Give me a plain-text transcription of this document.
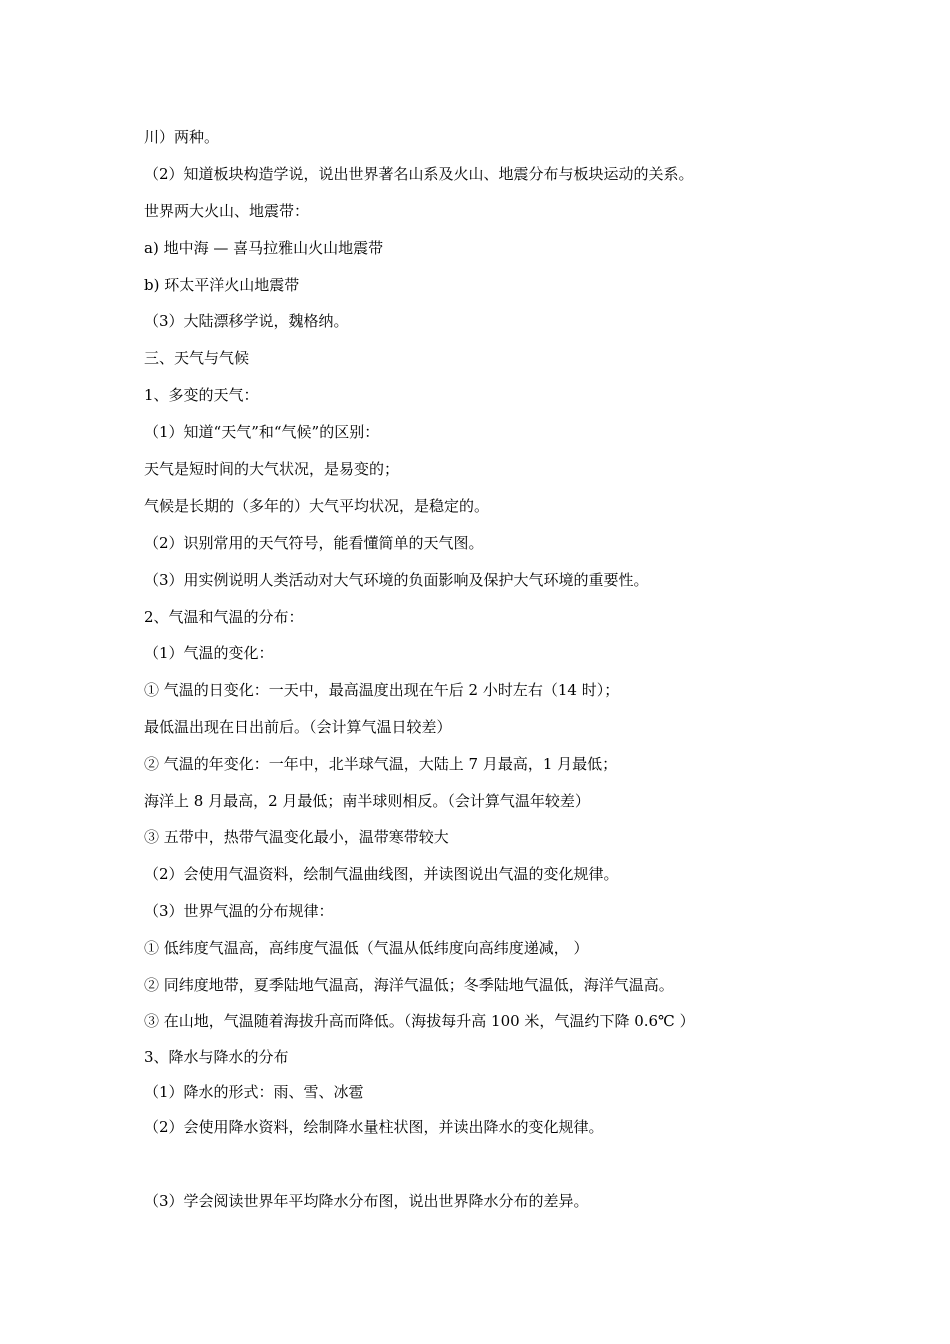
川）两种。
（2）知道板块构造学说，说出世界著名山系及火山、地震分布与板块运动的关系。
世界两大火山、地震带：
a) 地中海 — 喜马拉雅山火山地震带
b) 环太平洋火山地震带
（3）大陆漂移学说，魏格纳。
三、天气与气候
1、多变的天气：
（1）知道“天气”和“气候”的区别：
天气是短时间的大气状况，是易变的；
气候是长期的（多年的）大气平均状况，是稳定的。
（2）识别常用的天气符号，能看懂简单的天气图。
（3）用实例说明人类活动对大气环境的负面影响及保护大气环境的重要性。
2、气温和气温的分布：
（1）气温的变化：
① 气温的日变化：一天中，最高温度出现在午后 2 小时左右（14 时）；
最低温出现在日出前后。（会计算气温日较差）
② 气温的年变化：一年中，北半球气温，大陆上 7 月最高，1 月最低；
海洋上 8 月最高，2 月最低；南半球则相反。（会计算气温年较差）
③ 五带中，热带气温变化最小，温带寒带较大
（2）会使用气温资料，绘制气温曲线图，并读图说出气温的变化规律。
（3）世界气温的分布规律：
① 低纬度气温高，高纬度气温低（气温从低纬度向高纬度递减， ）
② 同纬度地带，夏季陆地气温高，海洋气温低；冬季陆地气温低，海洋气温高。
③ 在山地，气温随着海拔升高而降低。（海拔每升高 100 米，气温约下降 0.6℃ ）
3、降水与降水的分布
（1）降水的形式：雨、雪、冰雹
（2）会使用降水资料，绘制降水量柱状图，并读出降水的变化规律。
（3）学会阅读世界年平均降水分布图，说出世界降水分布的差异。
